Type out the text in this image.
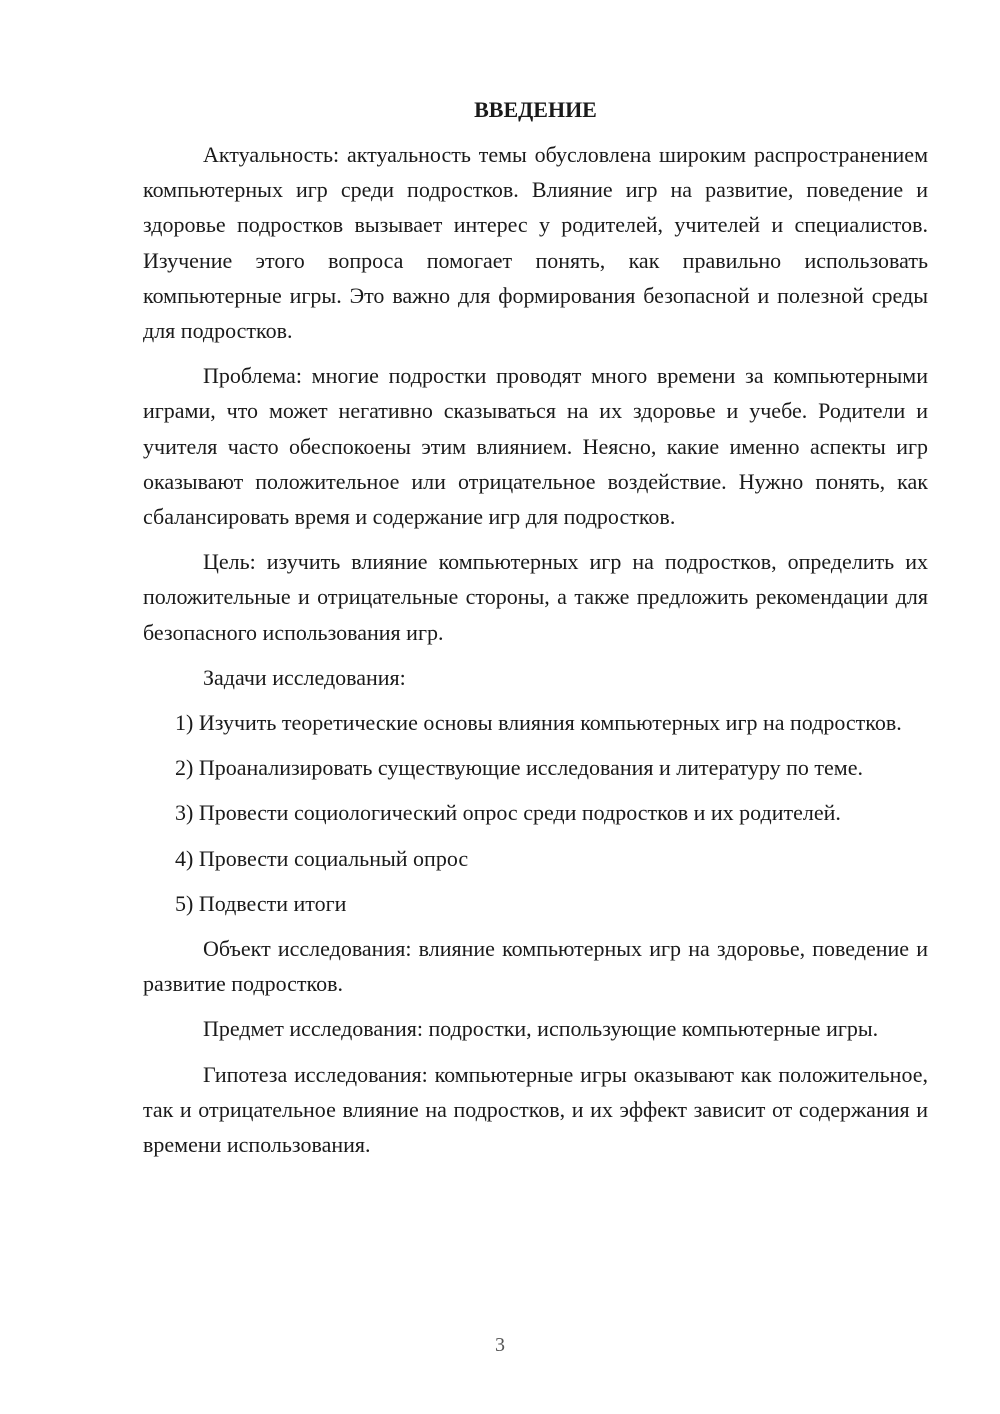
ВВЕДЕНИЕ

Актуальность: актуальность темы обусловлена широким распространением компьютерных игр среди подростков. Влияние игр на развитие, поведение и здоровье подростков вызывает интерес у родителей, учителей и специалистов. Изучение этого вопроса помогает понять, как правильно использовать компьютерные игры. Это важно для формирования безопасной и полезной среды для подростков.

Проблема: многие подростки проводят много времени за компьютерными играми, что может негативно сказываться на их здоровье и учебе. Родители и учителя часто обеспокоены этим влиянием. Неясно, какие именно аспекты игр оказывают положительное или отрицательное воздействие. Нужно понять, как сбалансировать время и содержание игр для подростков.

Цель: изучить влияние компьютерных игр на подростков, определить их положительные и отрицательные стороны, а также предложить рекомендации для безопасного использования игр.

Задачи исследования:

1) Изучить теоретические основы влияния компьютерных игр на подростков.

2) Проанализировать существующие исследования и литературу по теме.

3) Провести социологический опрос среди подростков и их родителей.

4) Провести социальный опрос

5) Подвести итоги

Объект исследования: влияние компьютерных игр на здоровье, поведение и развитие подростков.

Предмет исследования: подростки, использующие компьютерные игры.

Гипотеза исследования: компьютерные игры оказывают как положительное, так и отрицательное влияние на подростков, и их эффект зависит от содержания и времени использования.

3
